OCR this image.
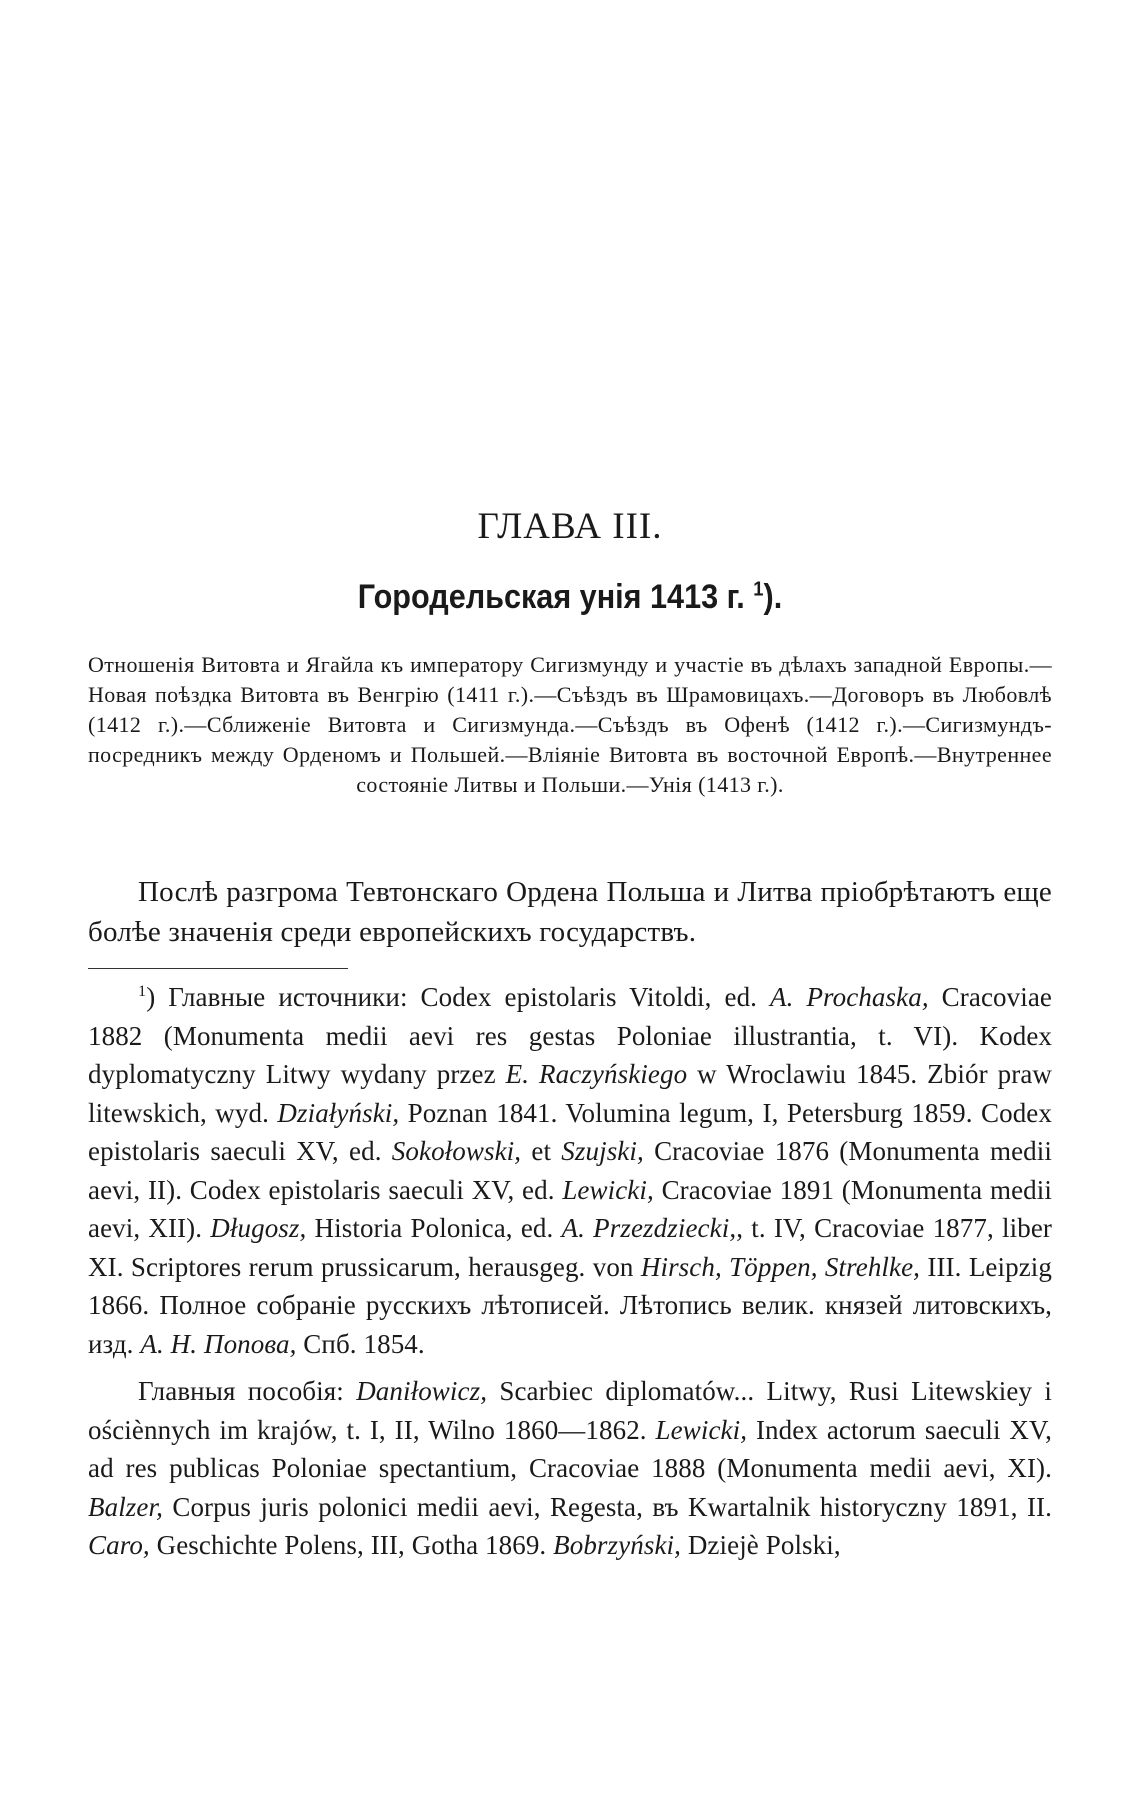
ГЛАВА III.
Городельская унія 1413 г. $^1$).
Отношенія Витовта и Ягайла къ императору Сигизмунду и участіе въ дѣлахъ западной Европы.—Новая поѣздка Витовта въ Венгрію (1411 г.).—Съѣздъ въ Шрамовицахъ.—Договоръ въ Любовлѣ (1412 г.).—Сближеніе Витовта и Сигизмунда.—Съѣздъ въ Офенѣ (1412 г.).—Сигизмундъ-посредникъ между Орденомъ и Польшей.—Вліяніе Витовта въ восточной Европѣ.—Внутреннее состояніе Литвы и Польши.—Унія (1413 г.).
Послѣ разгрома Тевтонскаго Ордена Польша и Литва пріобрѣтаютъ еще болѣе значенія среди европейскихъ государствъ.

$^1$) Главные источники: Codex epistolaris Vitoldi, ed. A. Prochaska, Cracoviae 1882 (Monumenta medii aevi res gestas Poloniae illustrantia, t. VI). Kodex dyplomatyczny Litwy wydany przez E. Raczyńskiego w Wroclawiu 1845. Zbiór praw litewskich, wyd. Działyński, Poznan 1841. Volumina legum, I, Petersburg 1859. Codex epistolaris saeculi XV, ed. Sokołowski, et Szujski, Cracoviae 1876 (Monumenta medii aevi, II). Codex epistolaris saeculi XV, ed. Lewicki, Cracoviae 1891 (Monumenta medii aevi, XII). Długosz, Historia Polonica, ed. A. Przezdziecki,, t. IV, Cracoviae 1877, liber XI. Scriptores rerum prussicarum, herausgeg. von Hirsch, Töppen, Strehlke, III. Leipzig 1866. Полное собраніе русскихъ лѣтописей. Лѣтопись велик. князей литовскихъ, изд. А. Н. Попова, Спб. 1854.

Главныя пособія: Daniłowicz, Scarbiec diplomatów... Litwy, Rusi Litewskiey i ościènnych im krajów, t. I, II, Wilno 1860—1862. Lewicki, Index actorum saeculi XV, ad res publicas Poloniae spectantium, Cracoviae 1888 (Monumenta medii aevi, XI). Balzer, Corpus juris polonici medii aevi, Regesta, въ Kwartalnik historyczny 1891, II. Caro, Geschichte Polens, III, Gotha 1869. Bobrzyński, Dziejè Polski,
